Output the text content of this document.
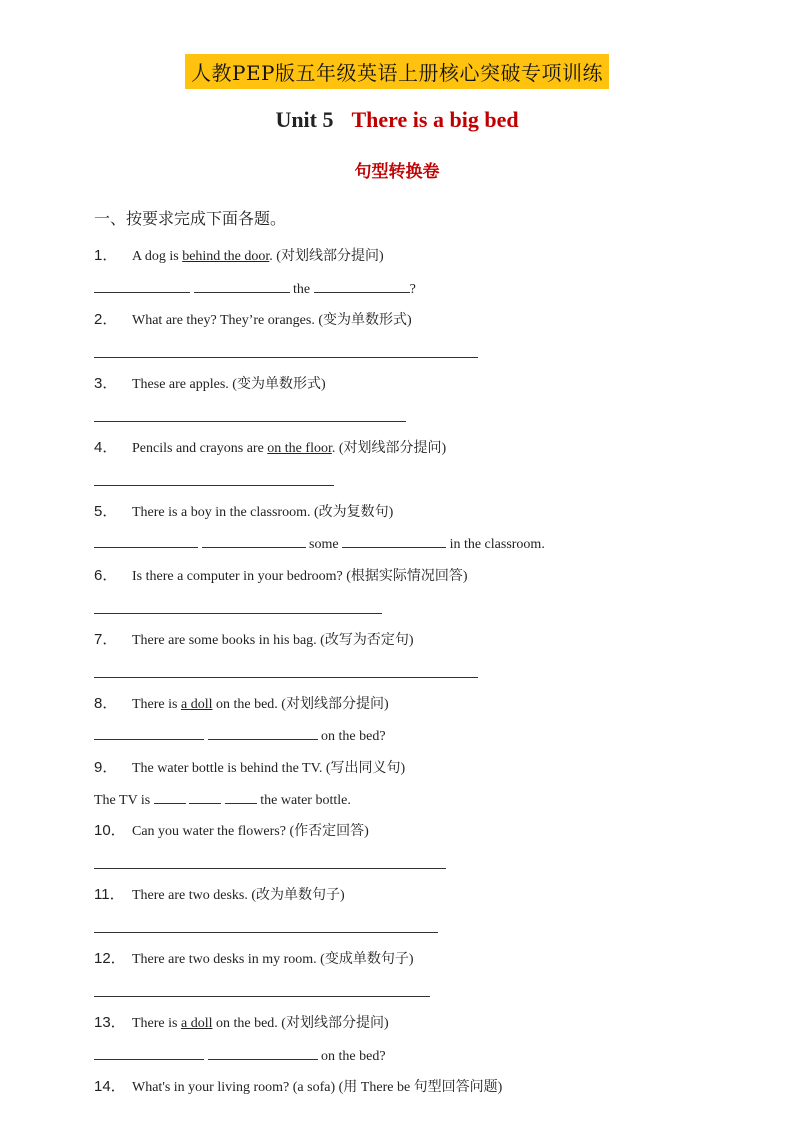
人教PEP版五年级英语上册核心突破专项训练
Unit 5 There is a big bed
句型转换卷
一、按要求完成下面各题。
1． A dog is behind the door. (对划线部分提问)
the	?
2． What are they? They’re oranges. (变为单数形式)
3． These are apples. (变为单数形式)
4． Pencils and crayons are on the floor. (对划线部分提问)
5． There is a boy in the classroom. (改为复数句)
some	in the classroom.
6． Is there a computer in your bedroom? (根据实际情况回答)
7． There are some books in his bag. (改写为否定句)
8． There is a doll on the bed. (对划线部分提问)
on the bed?
9． The water bottle is behind the TV. (写出同义句)
The TV is	the water bottle.
10． Can you water the flowers? (作否定回答)
11． There are two desks. (改为单数句子)
12． There are two desks in my room. (变成单数句子)
13． There is a doll on the bed. (对划线部分提问)
on the bed?
14． What's in your living room? (a sofa) (用 There be 句型回答问题)
